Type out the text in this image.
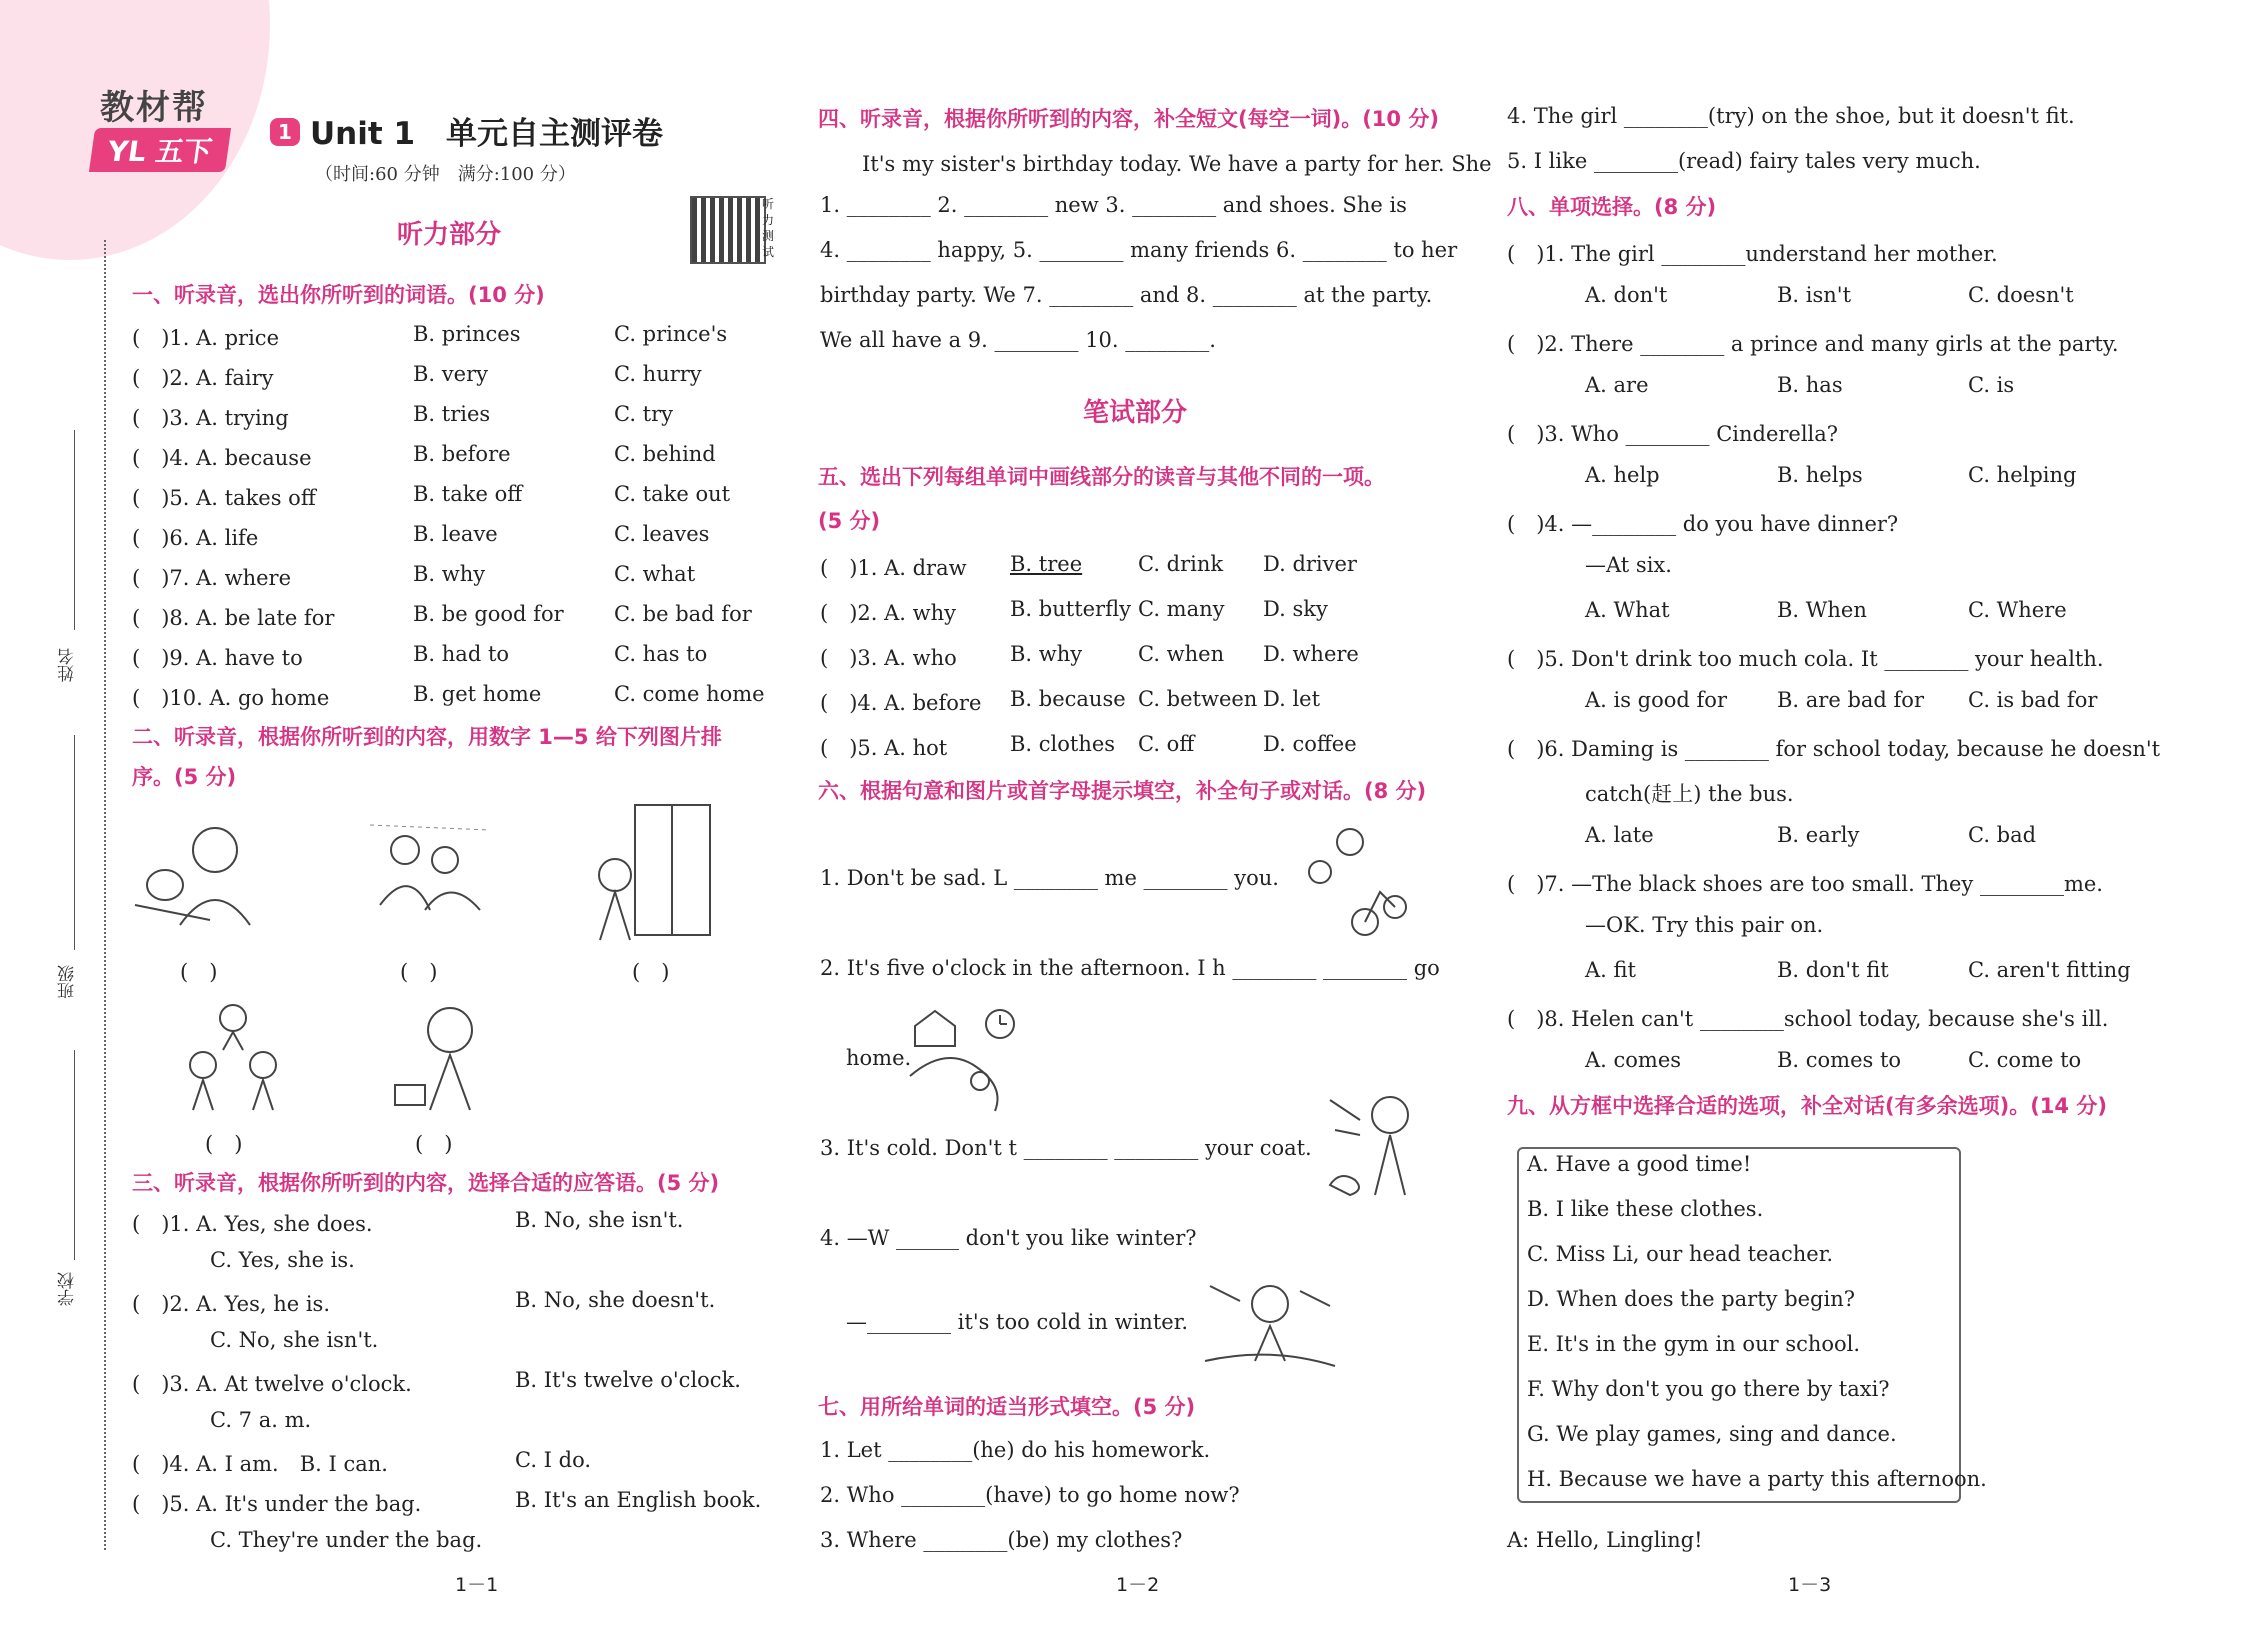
教材帮
YL 五下
姓名
班级
学校
1 Unit 1　单元自主测评卷
（时间:60 分钟　满分:100 分）
听力测试
听力部分
一、听录音，选出你所听到的词语。(10 分)
(　)1. A. price	B. princes	C. prince's
(　)2. A. fairy	B. very	C. hurry
(　)3. A. trying	B. tries	C. try
(　)4. A. because	B. before	C. behind
(　)5. A. takes off	B. take off	C. take out
(　)6. A. life	B. leave	C. leaves
(　)7. A. where	B. why	C. what
(　)8. A. be late for	B. be good for C. be bad for
(　)9. A. have to	B. had to	C. has to
(　)10. A. go home	B. get home	C. come home
二、听录音，根据你所听到的内容，用数字 1—5 给下列图片排
序。(5 分)
(　)	(　)	(　)
(　)	(　)
三、听录音，根据你所听到的内容，选择合适的应答语。(5 分)
(　)1. A. Yes, she does.	B. No, she isn't.
C. Yes, she is.
(　)2. A. Yes, he is.	B. No, she doesn't.
C. No, she isn't.
(　)3. A. At twelve o'clock.	B. It's twelve o'clock.
C. 7 a. m.
(　)4. A. I am.　B. I can.	C. I do.
(　)5. A. It's under the bag.	B. It's an English book.
C. They're under the bag.
1－1
四、听录音，根据你所听到的内容，补全短文(每空一词)。(10 分)
　　It's my sister's birthday today. We have a party for her. She
1. ________ 2. ________ new 3. ________ and shoes. She is
4. ________ happy, 5. ________ many friends 6. ________ to her
birthday party. We 7. ________ and 8. ________ at the party.
We all have a 9. ________ 10. ________.
笔试部分
五、选出下列每组单词中画线部分的读音与其他不同的一项。
(5 分)
(　)1. A. draw B. tree	C. drink D. driver
(　)2. A. why	B. butterfly C. many D. sky
(　)3. A. who	B. why	C. when D. where
(　)4. A. before B. because C. between D. let
(　)5. A. hot	B. clothes C. off	D. coffee
六、根据句意和图片或首字母提示填空，补全句子或对话。(8 分)
1. Don't be sad. L ________ me ________ you.
2. It's five o'clock in the afternoon. I h ________ ________ go
home.
3. It's cold. Don't t ________ ________ your coat.
4. —W ______ don't you like winter?
—________ it's too cold in winter.
七、用所给单词的适当形式填空。(5 分)
1. Let ________(he) do his homework.
2. Who ________(have) to go home now?
3. Where ________(be) my clothes?
1－2
4. The girl ________(try) on the shoe, but it doesn't fit.
5. I like ________(read) fairy tales very much.
八、单项选择。(8 分)
(　)1. The girl ________understand her mother.
A. don't	B. isn't	C. doesn't
(　)2. There ________ a prince and many girls at the party.
A. are	B. has	C. is
(　)3. Who ________ Cinderella?
A. help	B. helps	C. helping
(　)4. —________ do you have dinner?
—At six.
A. What	B. When	C. Where
(　)5. Don't drink too much cola. It ________ your health.
A. is good for B. are bad for C. is bad for
(　)6. Daming is ________ for school today, because he doesn't
catch(赶上) the bus.
A. late	B. early	C. bad
(　)7. —The black shoes are too small. They ________me.
—OK. Try this pair on.
A. fit	B. don't fit	C. aren't fitting
(　)8. Helen can't ________school today, because she's ill.
A. comes	B. comes to	C. come to
九、从方框中选择合适的选项，补全对话(有多余选项)。(14 分)
A. Have a good time!
B. I like these clothes.
C. Miss Li, our head teacher.
D. When does the party begin?
E. It's in the gym in our school.
F. Why don't you go there by taxi?
G. We play games, sing and dance.
H. Because we have a party this afternoon.
A: Hello, Lingling!
1－3
